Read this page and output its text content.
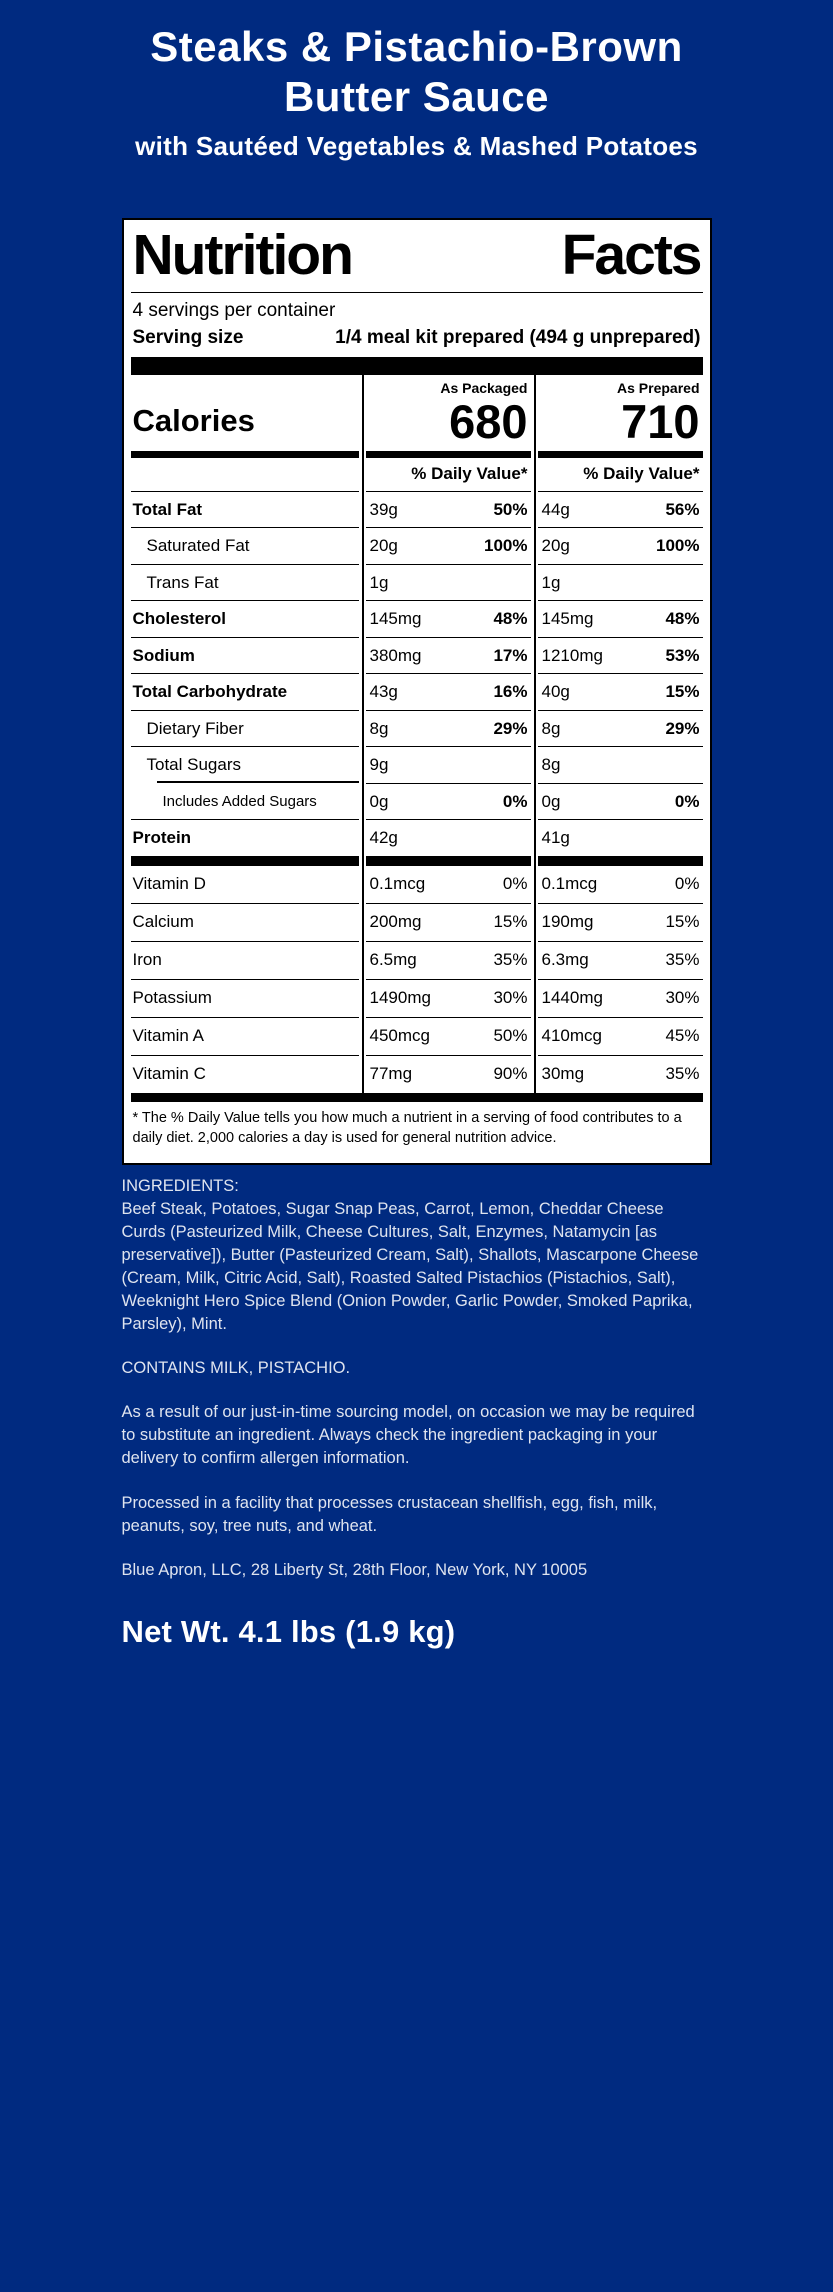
Steaks & Pistachio-Brown
Butter Sauce
with Sautéed Vegetables & Mashed Potatoes
Nutrition	Facts
4 servings per container
Serving size	1/4 meal kit prepared (494 g unprepared)
As Packaged	As Prepared
Calories	680	710
% Daily Value*	% Daily Value*
Total Fat	39g	50% 44g	56%
Saturated Fat	20g	100% 20g	100%
Trans Fat	1g	1g
Cholesterol	145mg	48% 145mg	48%
Sodium	380mg	17% 1210mg	53%
Total Carbohydrate	43g	16% 40g	15%
Dietary Fiber	8g	29% 8g	29%
Total Sugars	9g	8g
Includes Added Sugars	0g	0% 0g	0%
Protein	42g	41g
Vitamin D	0.1mcg	0% 0.1mcg	0%
Calcium	200mg	15% 190mg	15%
Iron	6.5mg	35% 6.3mg	35%
Potassium	1490mg	30% 1440mg	30%
Vitamin A	450mcg	50% 410mcg	45%
Vitamin C	77mg	90% 30mg	35%
* The % Daily Value tells you how much a nutrient in a serving of food contributes to a daily diet. 2,000 calories a day is used for general nutrition advice.

INGREDIENTS:

Beef Steak, Potatoes, Sugar Snap Peas, Carrot, Lemon, Cheddar Cheese Curds (Pasteurized Milk, Cheese Cultures, Salt, Enzymes, Natamycin [as preservative]), Butter (Pasteurized Cream, Salt), Shallots, Mascarpone Cheese (Cream, Milk, Citric Acid, Salt), Roasted Salted Pistachios (Pistachios, Salt), Weeknight Hero Spice Blend (Onion Powder, Garlic Powder, Smoked Paprika, Parsley), Mint.

CONTAINS MILK, PISTACHIO.

As a result of our just-in-time sourcing model, on occasion we may be required to substitute an ingredient. Always check the ingredient packaging in your delivery to confirm allergen information.

Processed in a facility that processes crustacean shellfish, egg, fish, milk, peanuts, soy, tree nuts, and wheat.

Blue Apron, LLC, 28 Liberty St, 28th Floor, New York, NY 10005

Net Wt. 4.1 lbs (1.9 kg)
